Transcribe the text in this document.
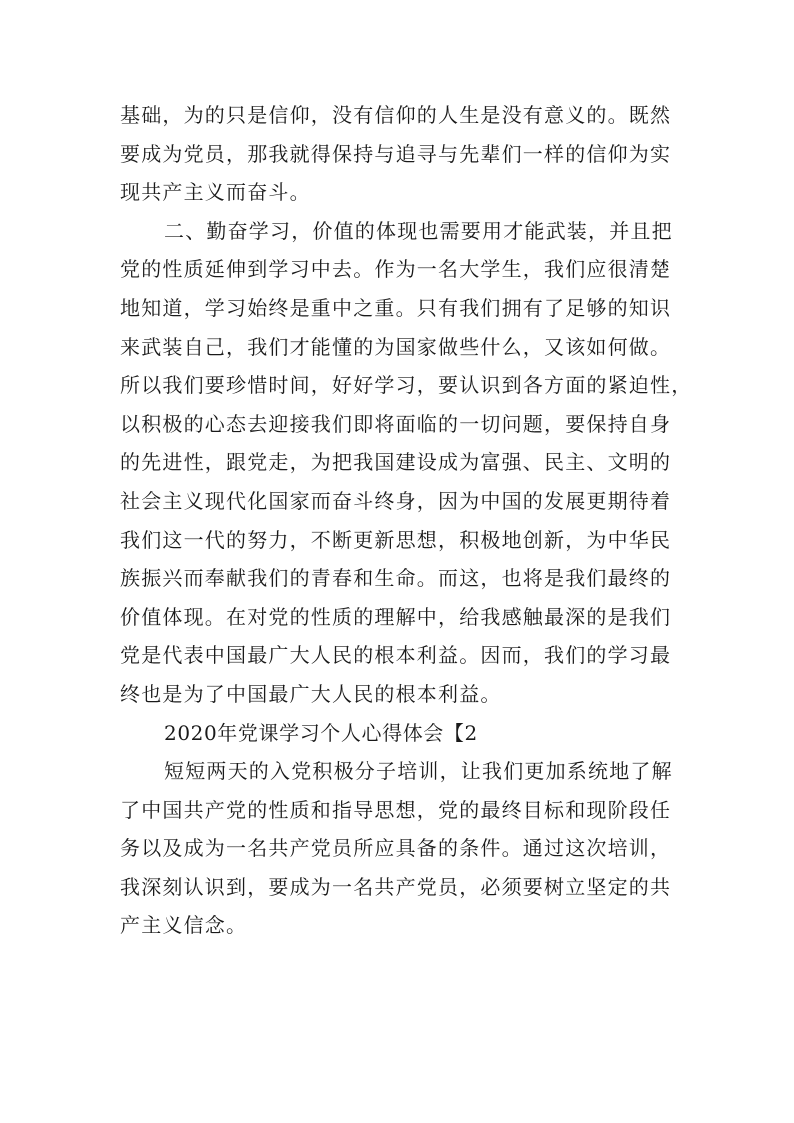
基础，为的只是信仰，没有信仰的人生是没有意义的。既然
要成为党员，那我就得保持与追寻与先辈们一样的信仰为实
现共产主义而奋斗。
二、勤奋学习，价值的体现也需要用才能武装，并且把
党的性质延伸到学习中去。作为一名大学生，我们应很清楚
地知道，学习始终是重中之重。只有我们拥有了足够的知识
来武装自己，我们才能懂的为国家做些什么，又该如何做。
所以我们要珍惜时间，好好学习，要认识到各方面的紧迫性，
以积极的心态去迎接我们即将面临的一切问题，要保持自身
的先进性，跟党走，为把我国建设成为富强、民主、文明的
社会主义现代化国家而奋斗终身，因为中国的发展更期待着
我们这一代的努力，不断更新思想，积极地创新，为中华民
族振兴而奉献我们的青春和生命。而这，也将是我们最终的
价值体现。在对党的性质的理解中，给我感触最深的是我们
党是代表中国最广大人民的根本利益。因而，我们的学习最
终也是为了中国最广大人民的根本利益。
2020年党课学习个人心得体会【2
短短两天的入党积极分子培训，让我们更加系统地了解
了中国共产党的性质和指导思想，党的最终目标和现阶段任
务以及成为一名共产党员所应具备的条件。通过这次培训，
我深刻认识到，要成为一名共产党员，必须要树立坚定的共
产主义信念。
